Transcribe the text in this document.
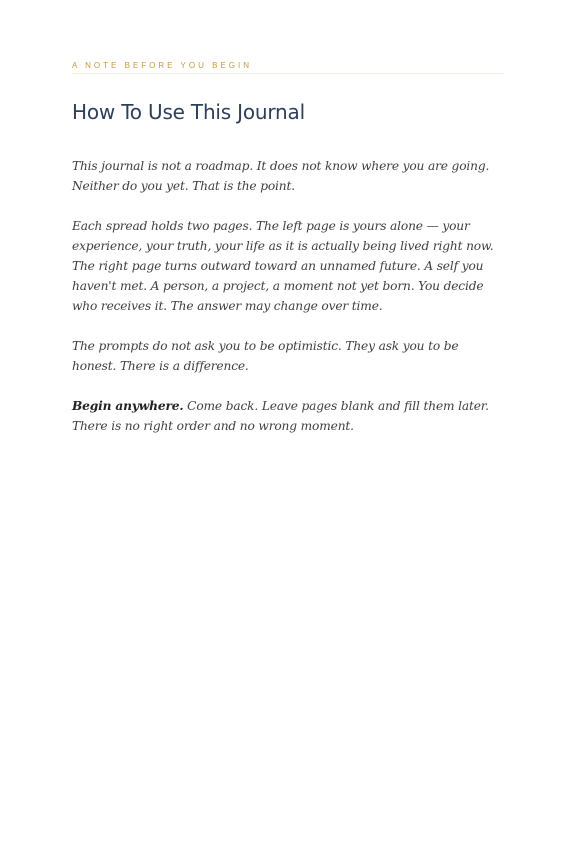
A NOTE BEFORE YOU BEGIN

How To Use This Journal

This journal is not a roadmap. It does not know where you are going.
Neither do you yet. That is the point.

Each spread holds two pages. The left page is yours alone — your
experience, your truth, your life as it is actually being lived right now.
The right page turns outward toward an unnamed future. A self you
haven't met. A person, a project, a moment not yet born. You decide
who receives it. The answer may change over time.

The prompts do not ask you to be optimistic. They ask you to be
honest. There is a difference.

Begin anywhere. Come back. Leave pages blank and fill them later.
There is no right order and no wrong moment.
